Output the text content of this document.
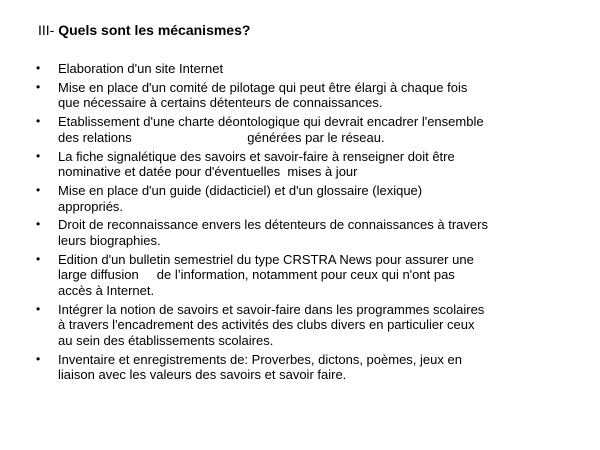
III- Quels sont les mécanismes?
• Elaboration d'un site Internet
• Mise en place d'un comité de pilotage qui peut être élargi à chaque fois
que nécessaire à certains détenteurs de connaissances.
• Etablissement d'une charte déontologique qui devrait encadrer l'ensemble
des relations                                générées par le réseau.
• La fiche signalétique des savoirs et savoir-faire à renseigner doit être
nominative et datée pour d'éventuelles  mises à jour
• Mise en place d'un guide (didacticiel) et d'un glossaire (lexique)
appropriés.
• Droit de reconnaissance envers les détenteurs de connaissances à travers
leurs biographies.
• Edition d'un bulletin semestriel du type CRSTRA News pour assurer une
large diffusion     de l’information, notamment pour ceux qui n'ont pas
accès à Internet.
• Intégrer la notion de savoirs et savoir-faire dans les programmes scolaires
à travers l'encadrement des activités des clubs divers en particulier ceux
au sein des établissements scolaires.
• Inventaire et enregistrements de: Proverbes, dictons, poèmes, jeux en
liaison avec les valeurs des savoirs et savoir faire.
